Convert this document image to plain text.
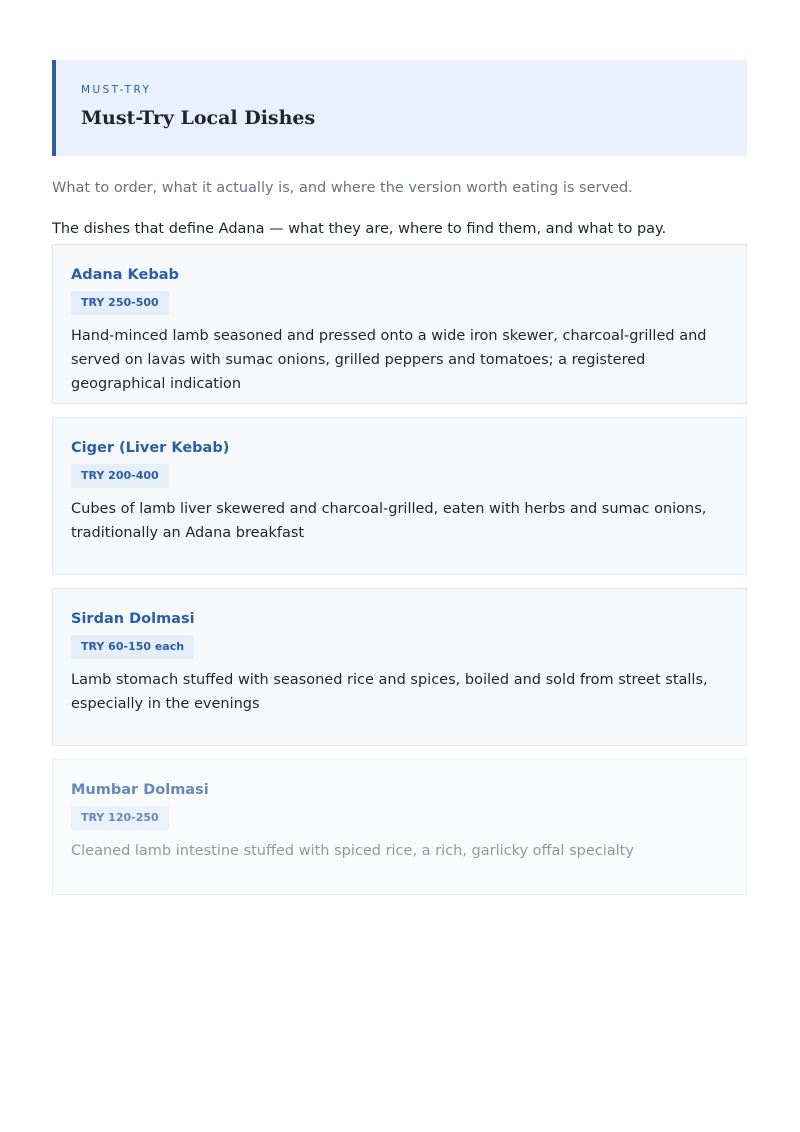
MUST-TRY
Must-Try Local Dishes
What to order, what it actually is, and where the version worth eating is served.
The dishes that define Adana — what they are, where to find them, and what to pay.
Adana Kebab
TRY 250-500
Hand-minced lamb seasoned and pressed onto a wide iron skewer, charcoal-grilled and served on lavas with sumac onions, grilled peppers and tomatoes; a registered geographical indication
Ciger (Liver Kebab)
TRY 200-400
Cubes of lamb liver skewered and charcoal-grilled, eaten with herbs and sumac onions, traditionally an Adana breakfast
Sirdan Dolmasi
TRY 60-150 each
Lamb stomach stuffed with seasoned rice and spices, boiled and sold from street stalls, especially in the evenings
Mumbar Dolmasi
TRY 120-250
Cleaned lamb intestine stuffed with spiced rice, a rich, garlicky offal specialty
